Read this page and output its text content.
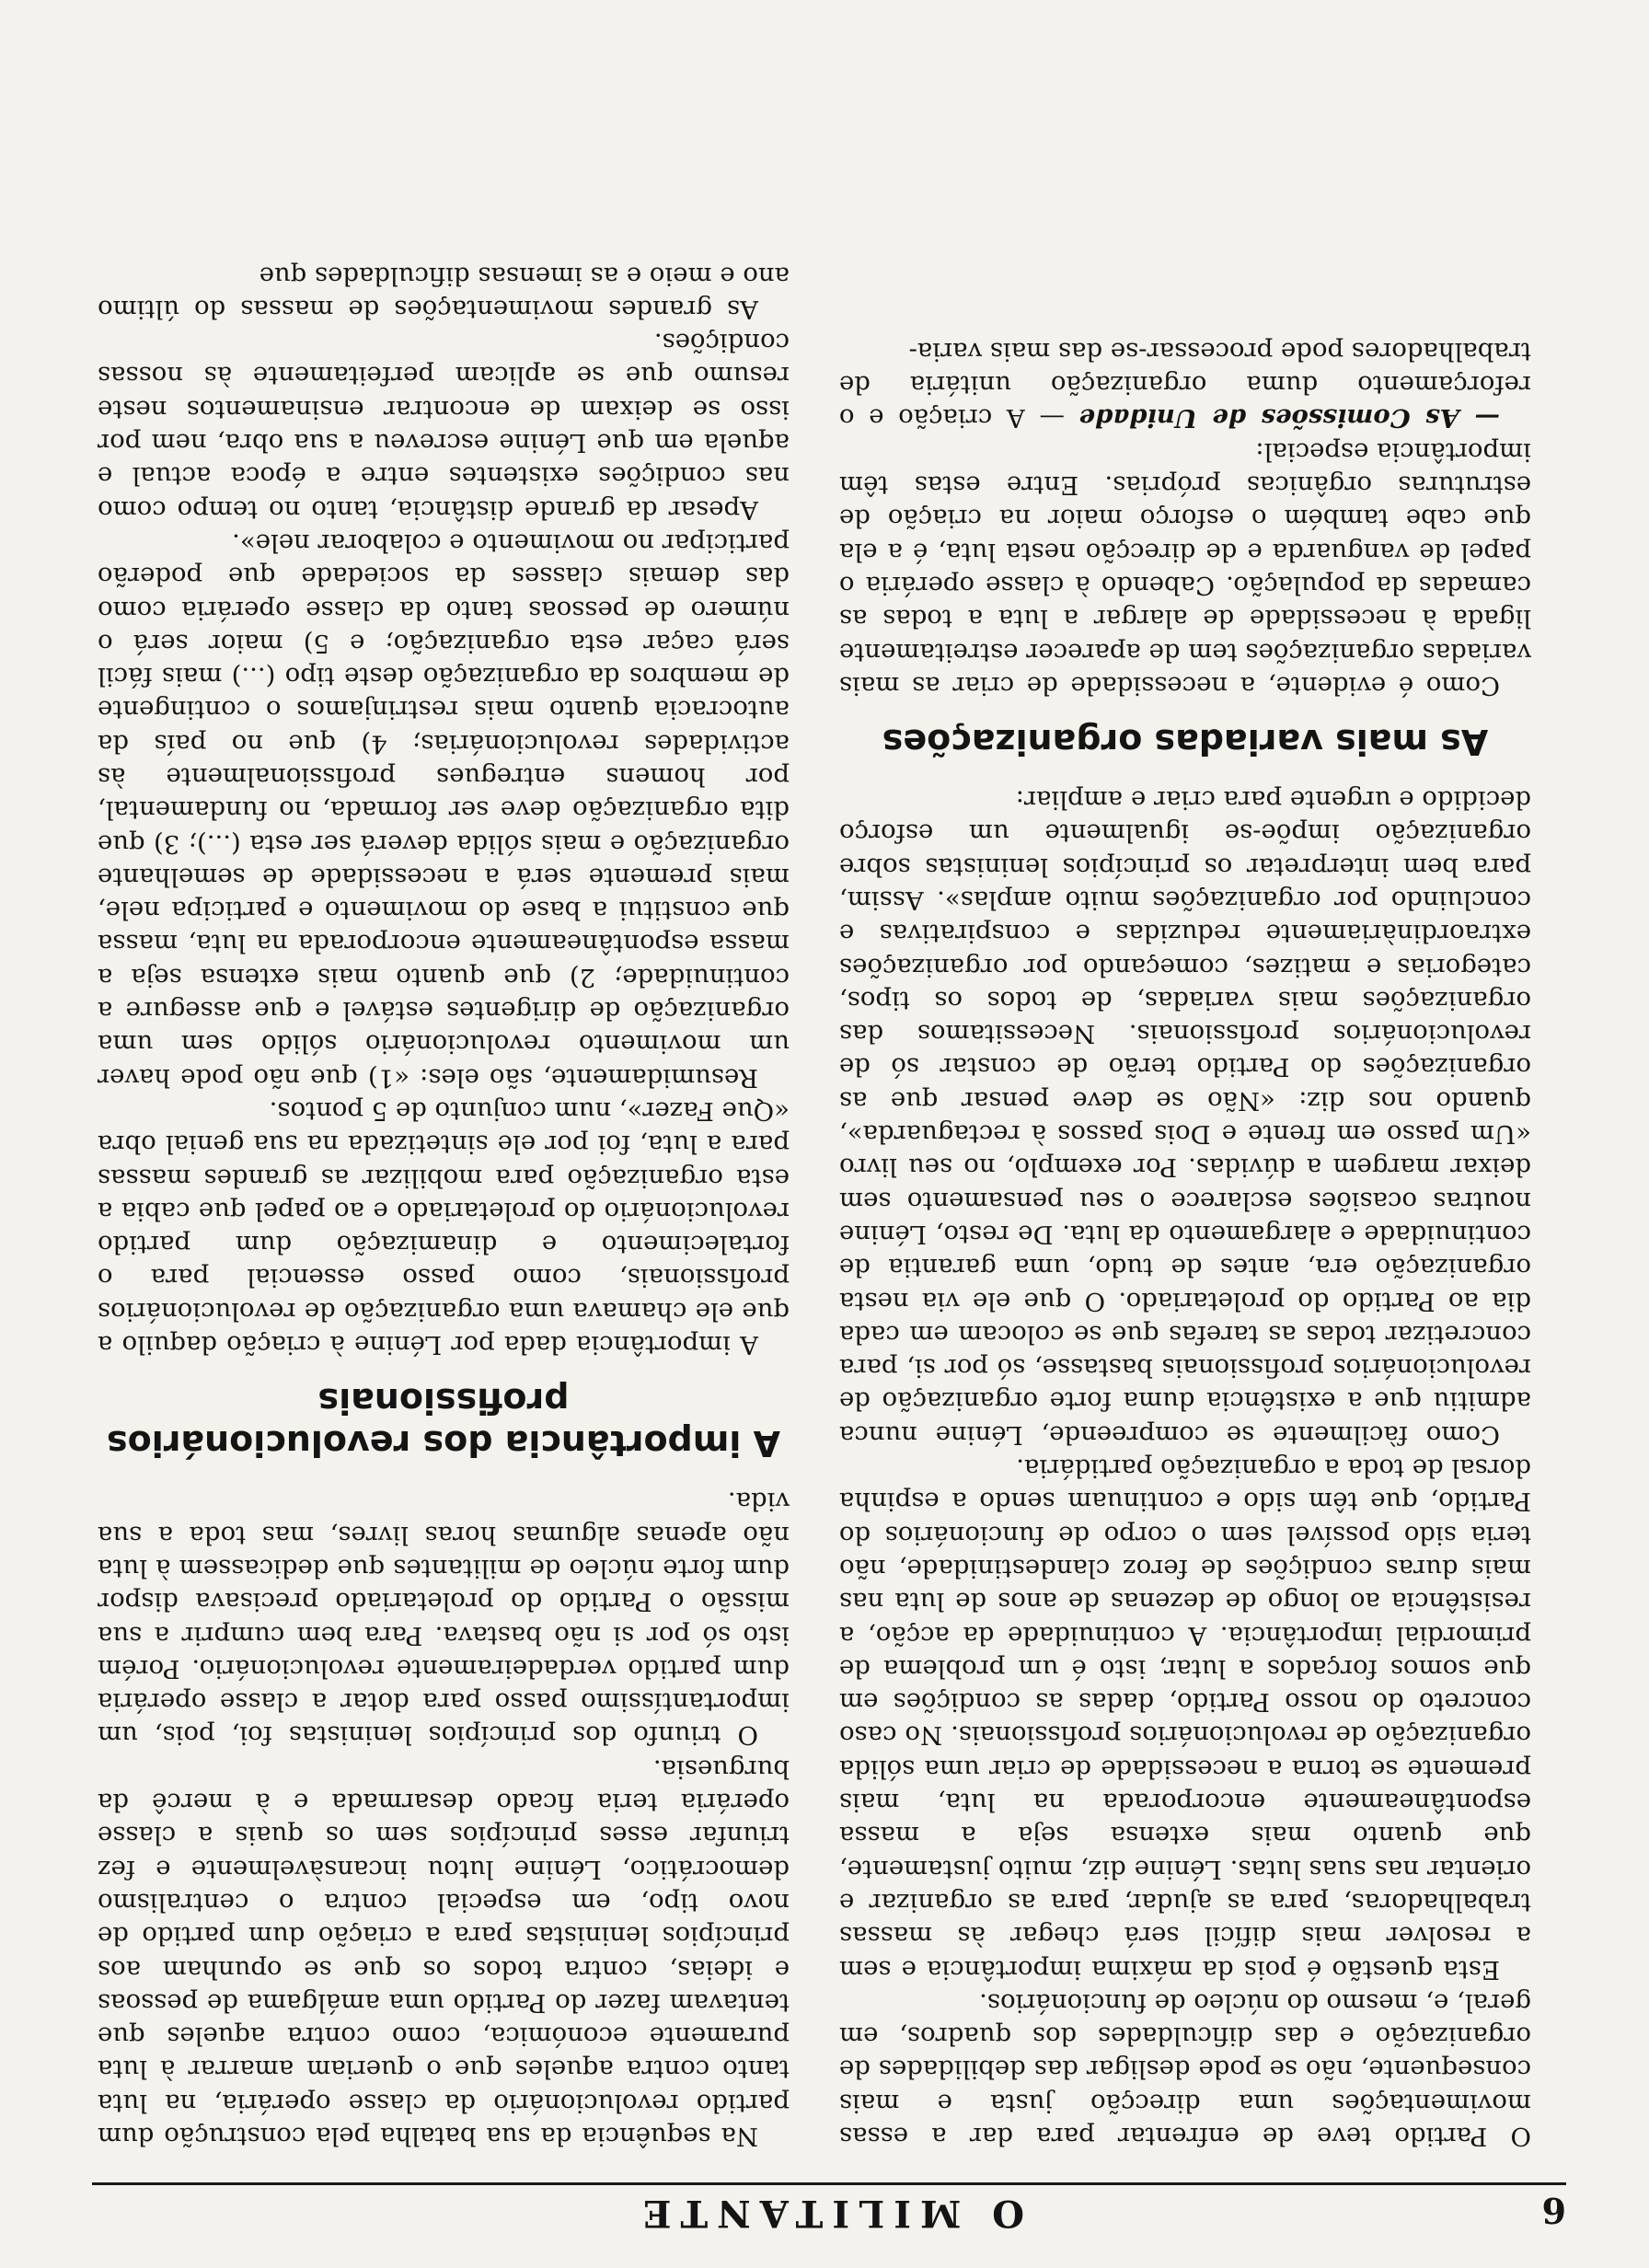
6
O MILITANTE

O Partido teve de enfrentar para dar a essas movimentações uma direcção justa e mais consequente, não se pode desligar das debilidades de organização e das dificuldades dos quadros, em geral, e, mesmo do núcleo de funcionários.

Esta questão é pois da máxima importância e sem a resolver mais difícil será chegar às massas trabalhadoras, para as ajudar, para as organizar e orientar nas suas lutas. Lénine diz, muito justamente, que quanto mais extensa seja a massa espontâneamente encorporada na luta, mais premente se torna a necessidade de criar uma sólida organização de revolucionários profissionais. No caso concreto do nosso Partido, dadas as condições em que somos forçados a lutar, isto é um problema de primordial importância. A continuidade da acção, a resistência ao longo de dezenas de anos de luta nas mais duras condições de feroz clandestinidade, não teria sido possível sem o corpo de funcionários do Partido, que têm sido e continuam sendo a espinha dorsal de toda a organização partidária.

Como fàcilmente se compreende, Lénine nunca admitiu que a existência duma forte organização de revolucionários profissionais bastasse, só por si, para concretizar todas as tarefas que se colocam em cada dia ao Partido do proletariado. O que ele via nesta organização era, antes de tudo, uma garantia de continuidade e alargamento da luta. De resto, Lénine noutras ocasiões esclarece o seu pensamento sem deixar margem a dúvidas. Por exemplo, no seu livro «Um passo em frente e Dois passos à rectaguarda», quando nos diz: «Não se deve pensar que as organizações do Partido terão de constar só de revolucionários profissionais. Necessitamos das organizações mais variadas, de todos os tipos, categorias e matizes, começando por organizações extraordinàriamente reduzidas e conspirativas e concluindo por organizações muito amplas». Assim, para bem interpretar os princípios leninistas sobre organização impõe-se igualmente um esforço decidido e urgente para criar e ampliar:

As mais variadas organizações

Como é evidente, a necessidade de criar as mais variadas organizações tem de aparecer estreitamente ligada à necessidade de alargar a luta a todas as camadas da população. Cabendo à classe operária o papel de vanguarda e de direcção nesta luta, é a ela que cabe também o esforço maior na criação de estruturas orgânicas próprias. Entre estas têm importância especial:

— As Comissões de Unidade — A criação e o reforçamento duma organização unitária de trabalhadores pode processar-se das mais varia-

Na sequência da sua batalha pela construção dum partido revolucionário da classe operária, na luta tanto contra aqueles que o queriam amarrar à luta puramente económica, como contra aqueles que tentavam fazer do Partido uma amálgama de pessoas e ideias, contra todos os que se opunham aos princípios leninistas para a criação dum partido de novo tipo, em especial contra o centralismo democrático, Lénine lutou incansàvelmente e fez triunfar esses princípios sem os quais a classe operária teria ficado desarmada e à mercê da burguesia.

O triunfo dos princípios leninistas foi, pois, um importantíssimo passo para dotar a classe operária dum partido verdadeiramente revolucionário. Porém isto só por si não bastava. Para bem cumprir a sua missão o Partido do proletariado precisava dispor dum forte núcleo de militantes que dedicassem à luta não apenas algumas horas livres, mas toda a sua vida.

A importância dos revolucionários profissionais

A importância dada por Lénine à criação daquilo a que ele chamava uma organização de revolucionários profissionais, como passo essencial para o fortalecimento e dinamização dum partido revolucionário do proletariado e ao papel que cabia a esta organização para mobilizar as grandes massas para a luta, foi por ele sintetizada na sua genial obra «Que Fazer», num conjunto de 5 pontos.

Resumidamente, são eles: «1) que não pode haver um movimento revolucionário sólido sem uma organização de dirigentes estável e que assegure a continuidade; 2) que quanto mais extensa seja a massa espontâneamente encorporada na luta, massa que constitui a base do movimento e participa nele, mais premente será a necessidade de semelhante organização e mais sólida deverá ser esta (...); 3) que dita organização deve ser formada, no fundamental, por homens entregues profissionalmente às actividades revolucionárias; 4) que no país da autocracia quanto mais restrinjamos o contingente de membros da organização deste tipo (...) mais fácil será caçar esta organização; e 5) maior será o número de pessoas tanto da classe operária como das demais classes da sociedade que poderão participar no movimento e colaborar nele».

Apesar da grande distância, tanto no tempo como nas condições existentes entre a época actual e aquela em que Lénine escreveu a sua obra, nem por isso se deixam de encontrar ensinamentos neste resumo que se aplicam perfeitamente às nossas condições.

As grandes movimentações de massas do último ano e meio e as imensas dificuldades que
